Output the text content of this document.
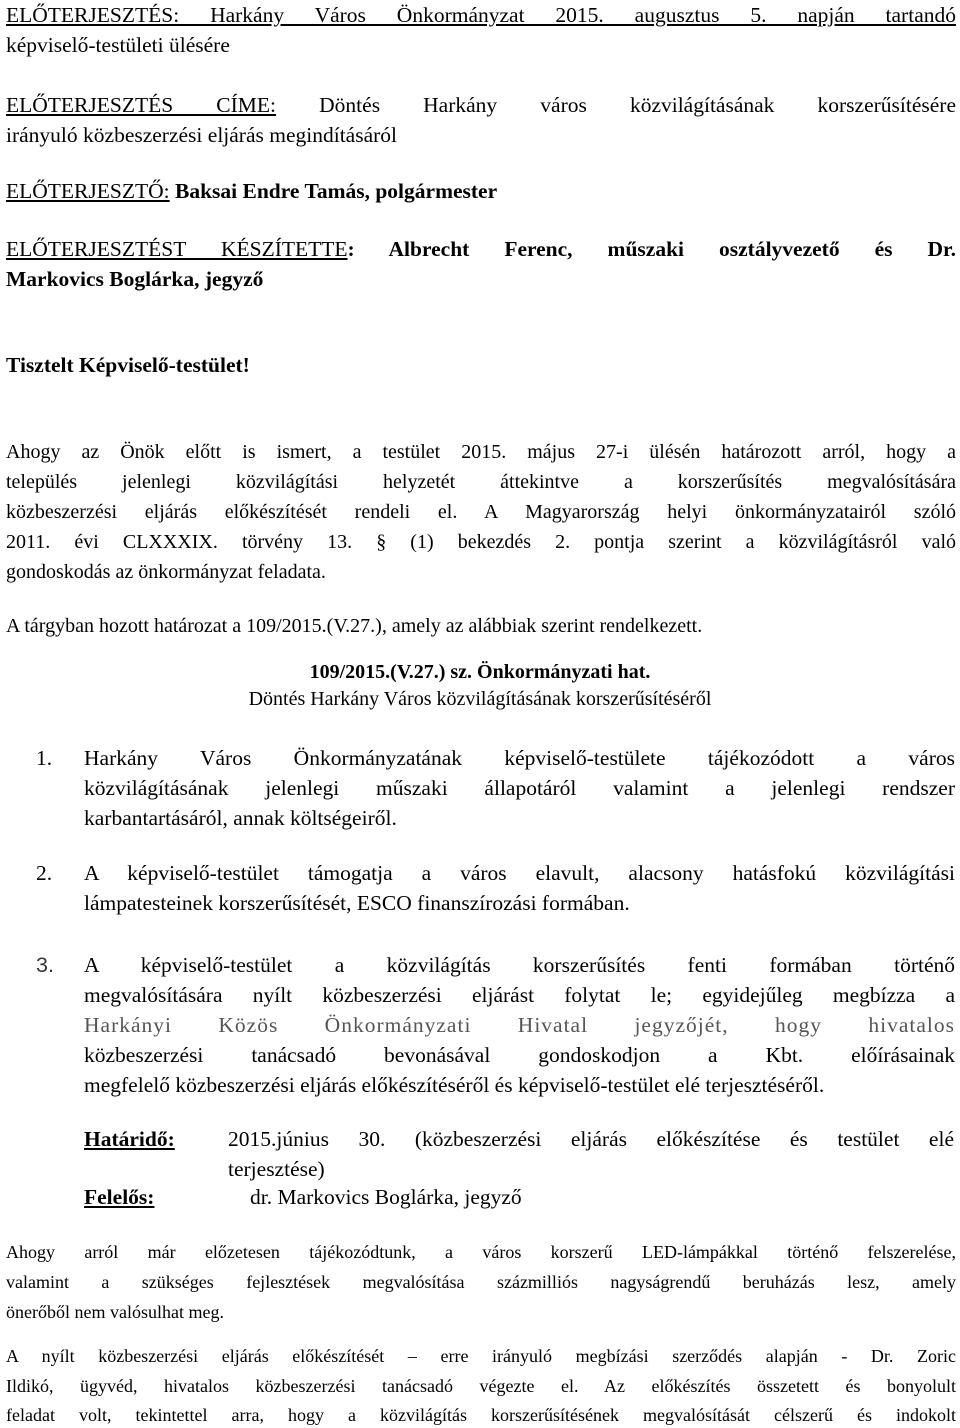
ELŐTERJESZTÉS: Harkány Város Önkormányzat 2015. augusztus 5. napján tartandó
képviselő-testületi ülésére
ELŐTERJESZTÉS CÍME: Döntés Harkány város közvilágításának korszerűsítésére
irányuló közbeszerzési eljárás megindításáról
ELŐTERJESZTŐ: Baksai Endre Tamás, polgármester
ELŐTERJESZTÉST KÉSZÍTETTE: Albrecht Ferenc, műszaki osztályvezető és Dr.
Markovics Boglárka, jegyző
Tisztelt Képviselő-testület!
Ahogy az Önök előtt is ismert, a testület 2015. május 27-i ülésén határozott arról, hogy a
település jelenlegi közvilágítási helyzetét áttekintve a korszerűsítés megvalósítására
közbeszerzési eljárás előkészítését rendeli el. A Magyarország helyi önkormányzatairól szóló
2011. évi CLXXXIX. törvény 13. § (1) bekezdés 2. pontja szerint a közvilágításról való
gondoskodás az önkormányzat feladata.
A tárgyban hozott határozat a 109/2015.(V.27.), amely az alábbiak szerint rendelkezett.
109/2015.(V.27.) sz. Önkormányzati hat.
Döntés Harkány Város közvilágításának korszerűsítéséről
1. Harkány Város Önkormányzatának képviselő-testülete tájékozódott a város
közvilágításának jelenlegi műszaki állapotáról valamint a jelenlegi rendszer
karbantartásáról, annak költségeiről.
2. A képviselő-testület támogatja a város elavult, alacsony hatásfokú közvilágítási
lámpatesteinek korszerűsítését, ESCO finanszírozási formában.
3. A képviselő-testület a közvilágítás korszerűsítés fenti formában történő
megvalósítására nyílt közbeszerzési eljárást folytat le; egyidejűleg megbízza a
Harkányi Közös Önkormányzati Hivatal jegyzőjét, hogy hivatalos
közbeszerzési tanácsadó bevonásával gondoskodjon a Kbt. előírásainak
megfelelő közbeszerzési eljárás előkészítéséről és képviselő-testület elé terjesztéséről.
Határidő: 2015.június 30. (közbeszerzési eljárás előkészítése és testület elé
terjesztése)
Felelős:	dr. Markovics Boglárka, jegyző
Ahogy arról már előzetesen tájékozódtunk, a város korszerű LED-lámpákkal történő felszerelése,
valamint a szükséges fejlesztések megvalósítása százmilliós nagyságrendű beruházás lesz, amely
önerőből nem valósulhat meg.
A nyílt közbeszerzési eljárás előkészítését – erre irányuló megbízási szerződés alapján - Dr. Zoric
Ildikó, ügyvéd, hivatalos közbeszerzési tanácsadó végezte el. Az előkészítés összetett és bonyolult
feladat volt, tekintettel arra, hogy a közvilágítás korszerűsítésének megvalósítását célszerű és indokolt
